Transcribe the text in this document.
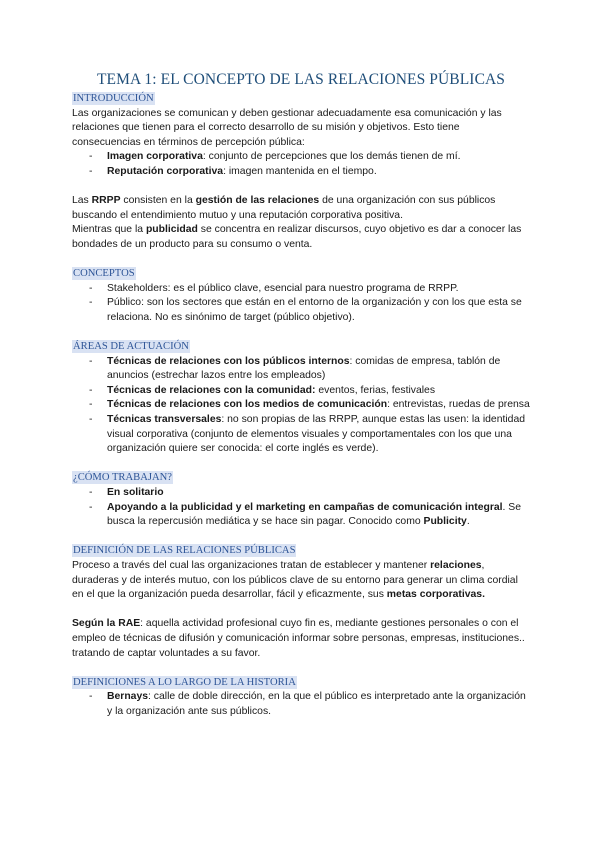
TEMA 1: EL CONCEPTO DE LAS RELACIONES PÚBLICAS
INTRODUCCIÓN

Las organizaciones se comunican y deben gestionar adecuadamente esa comunicación y las relaciones que tienen para el correcto desarrollo de su misión y objetivos. Esto tiene consecuencias en términos de percepción pública:

- Imagen corporativa: conjunto de percepciones que los demás tienen de mí.
- Reputación corporativa: imagen mantenida en el tiempo.

Las RRPP consisten en la gestión de las relaciones de una organización con sus públicos buscando el entendimiento mutuo y una reputación corporativa positiva.

Mientras que la publicidad se concentra en realizar discursos, cuyo objetivo es dar a conocer las bondades de un producto para su consumo o venta.

CONCEPTOS
- Stakeholders: es el público clave, esencial para nuestro programa de RRPP.
- Público: son los sectores que están en el entorno de la organización y con los que esta se relaciona. No es sinónimo de target (público objetivo).
ÁREAS DE ACTUACIÓN
- Técnicas de relaciones con los públicos internos: comidas de empresa, tablón de anuncios (estrechar lazos entre los empleados)
- Técnicas de relaciones con la comunidad: eventos, ferias, festivales
- Técnicas de relaciones con los medios de comunicación: entrevistas, ruedas de prensa
- Técnicas transversales: no son propias de las RRPP, aunque estas las usen: la identidad visual corporativa (conjunto de elementos visuales y comportamentales con los que una organización quiere ser conocida: el corte inglés es verde).
¿CÓMO TRABAJAN?
- En solitario
- Apoyando a la publicidad y el marketing en campañas de comunicación integral. Se busca la repercusión mediática y se hace sin pagar. Conocido como Publicity.
DEFINICIÓN DE LAS RELACIONES PÚBLICAS

Proceso a través del cual las organizaciones tratan de establecer y mantener relaciones, duraderas y de interés mutuo, con los públicos clave de su entorno para generar un clima cordial en el que la organización pueda desarrollar, fácil y eficazmente, sus metas corporativas.

Según la RAE: aquella actividad profesional cuyo fin es, mediante gestiones personales o con el empleo de técnicas de difusión y comunicación informar sobre personas, empresas, instituciones.. tratando de captar voluntades a su favor.

DEFINICIONES A LO LARGO DE LA HISTORIA
- Bernays: calle de doble dirección, en la que el público es interpretado ante la organización y la organización ante sus públicos.
